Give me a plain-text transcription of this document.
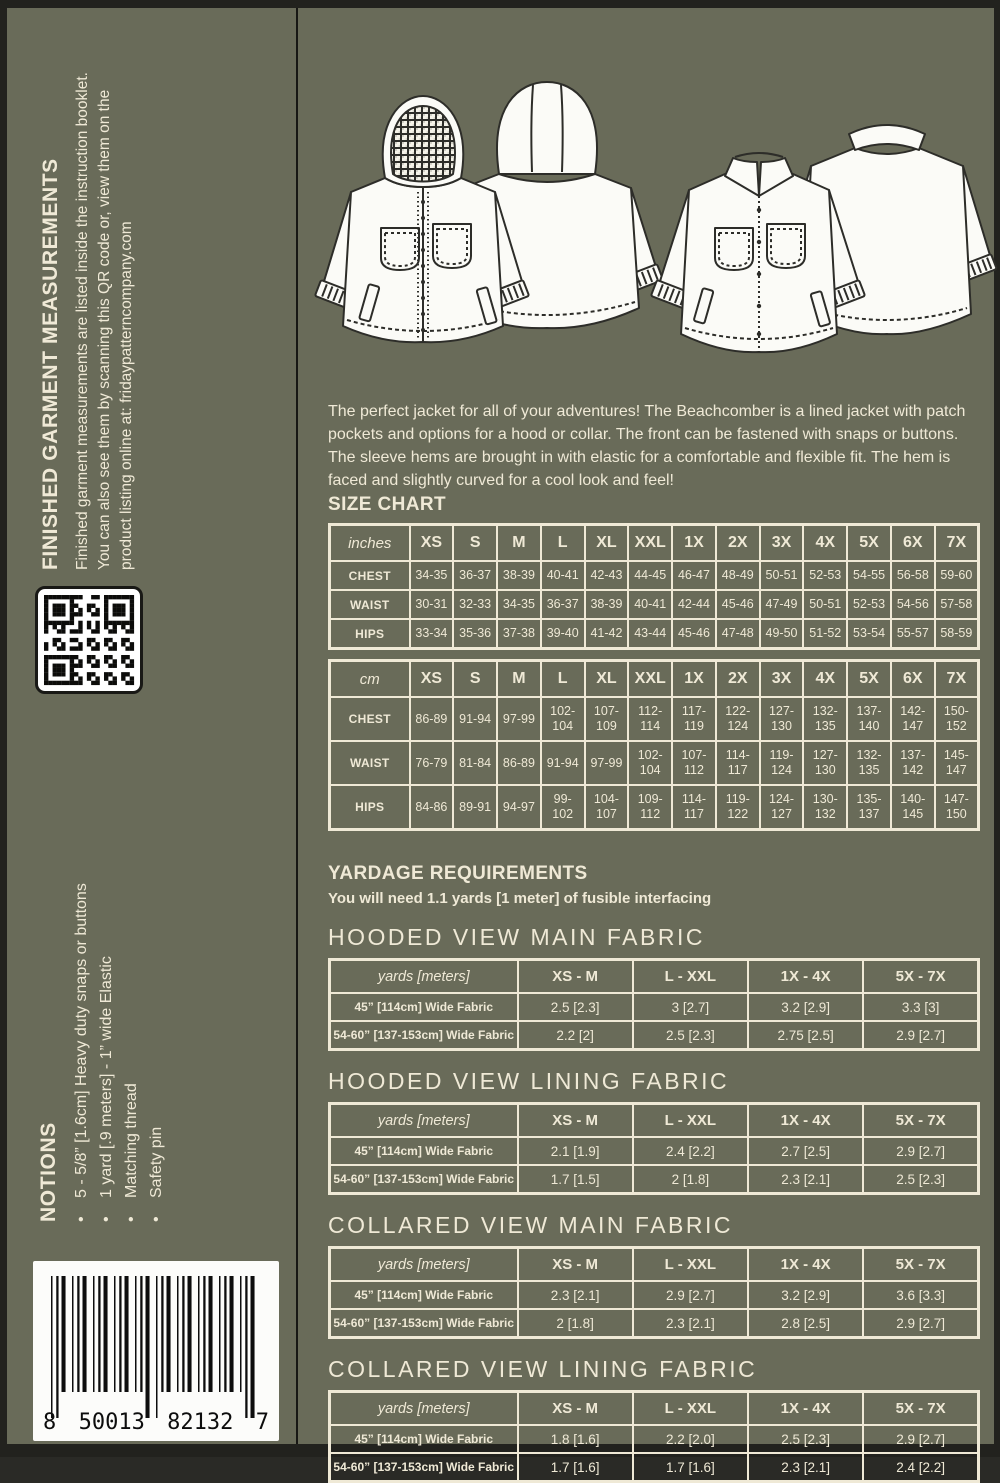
FINISHED GARMENT MEASUREMENTS Finished garment measurements are listed inside the instruction booklet. You can also see them by scanning this QR code or, view them on the product listing online at: fridaypatterncompany.com

NOTIONS • 5 - 5/8” [1.6cm] Heavy duty snaps or buttons • 1 yard [.9 meters] - 1” wide Elastic • Matching thread • Safety pin
8 50013 82132 7

The perfect jacket for all of your adventures! The Beachcomber is a lined jacket with patch pockets and options for a hood or collar. The front can be fastened with snaps or buttons. The sleeve hems are brought in with elastic for a comfortable and flexible fit. The hem is faced and slightly curved for a cool look and feel!

SIZE CHART
inches	XS	S	M	L	XL	XXL	1X	2X	3X	4X	5X	6X	7X
CHEST	34-35	36-37	38-39	40-41	42-43	44-45	46-47	48-49	50-51	52-53	54-55	56-58	59-60
WAIST	30-31	32-33	34-35	36-37	38-39	40-41	42-44	45-46	47-49	50-51	52-53	54-56	57-58
HIPS	33-34	35-36	37-38	39-40	41-42	43-44	45-46	47-48	49-50	51-52	53-54	55-57	58-59
cm	XS	S	M	L	XL	XXL	1X	2X	3X	4X	5X	6X	7X
CHEST	86-89	91-94	97-99	102- 104	107- 109	112- 114	117- 119	122- 124	127- 130	132- 135	137- 140	142- 147	150- 152
WAIST	76-79	81-84	86-89	91-94	97-99	102- 104	107- 112	114- 117	119- 124	127- 130	132- 135	137- 142	145- 147
HIPS	84-86	89-91	94-97	99- 102	104- 107	109- 112	114- 117	119- 122	124- 127	130- 132	135- 137	140- 145	147- 150
YARDAGE REQUIREMENTS

You will need 1.1 yards [1 meter] of fusible interfacing

HOODED VIEW MAIN FABRIC
yards [meters]	XS - M	L - XXL	1X - 4X	5X - 7X
45” [114cm] Wide Fabric	2.5 [2.3]	3 [2.7]	3.2 [2.9]	3.3 [3]
54-60” [137-153cm] Wide Fabric	2.2 [2]	2.5 [2.3]	2.75 [2.5]	2.9 [2.7]
HOODED VIEW LINING FABRIC
yards [meters]	XS - M	L - XXL	1X - 4X	5X - 7X
45” [114cm] Wide Fabric	2.1 [1.9]	2.4 [2.2]	2.7 [2.5]	2.9 [2.7]
54-60” [137-153cm] Wide Fabric	1.7 [1.5]	2 [1.8]	2.3 [2.1]	2.5 [2.3]
COLLARED VIEW MAIN FABRIC
yards [meters]	XS - M	L - XXL	1X - 4X	5X - 7X
45” [114cm] Wide Fabric	2.3 [2.1]	2.9 [2.7]	3.2 [2.9]	3.6 [3.3]
54-60” [137-153cm] Wide Fabric	2 [1.8]	2.3 [2.1]	2.8 [2.5]	2.9 [2.7]
COLLARED VIEW LINING FABRIC
yards [meters]	XS - M	L - XXL	1X - 4X	5X - 7X
45” [114cm] Wide Fabric	1.8 [1.6]	2.2 [2.0]	2.5 [2.3]	2.9 [2.7]
54-60” [137-153cm] Wide Fabric	1.7 [1.6]	1.7 [1.6]	2.3 [2.1]	2.4 [2.2]
